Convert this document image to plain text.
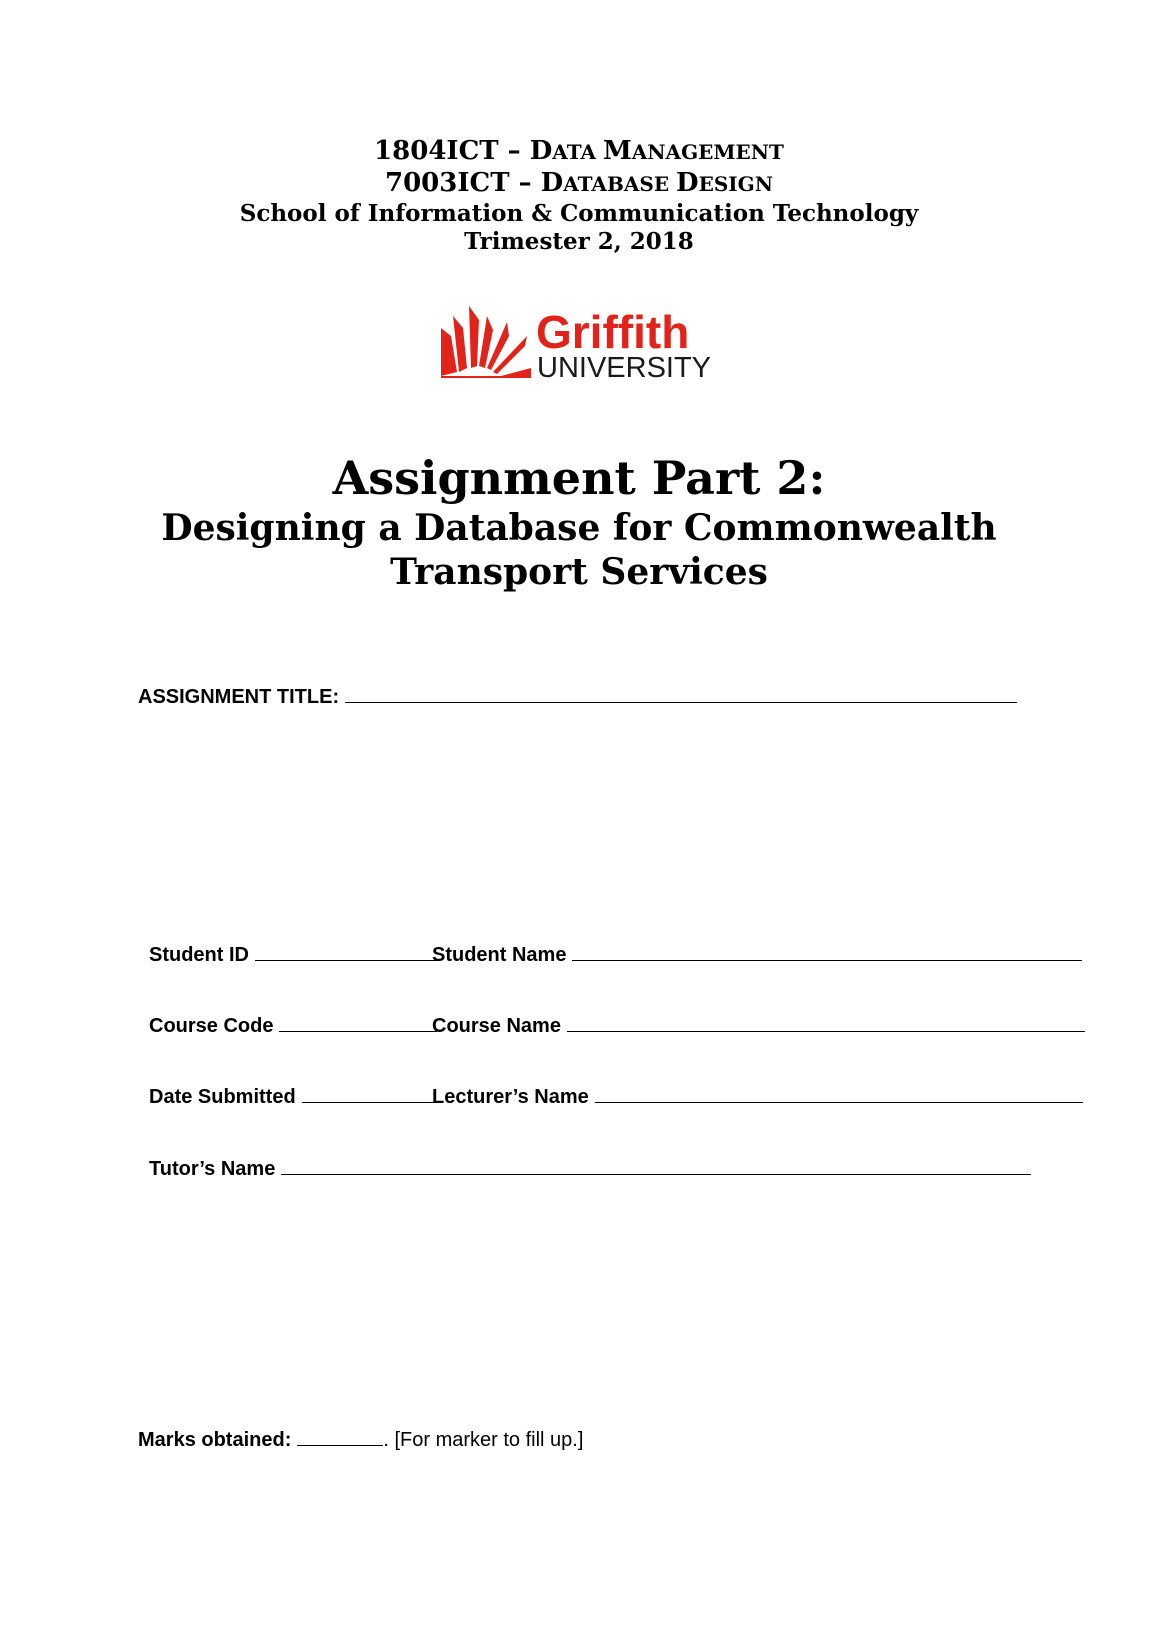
1804ICT – DATA MANAGEMENT
7003ICT – DATABASE DESIGN
School of Information & Communication Technology
Trimester 2, 2018
Griffith
UNIVERSITY
Assignment Part 2:
Designing a Database for Commonwealth
Transport Services
ASSIGNMENT TITLE:
Student ID	Student Name
Course Code	Course Name
Date Submitted	Lecturer’s Name
Tutor’s Name
Marks obtained:	. [For marker to fill up.]
